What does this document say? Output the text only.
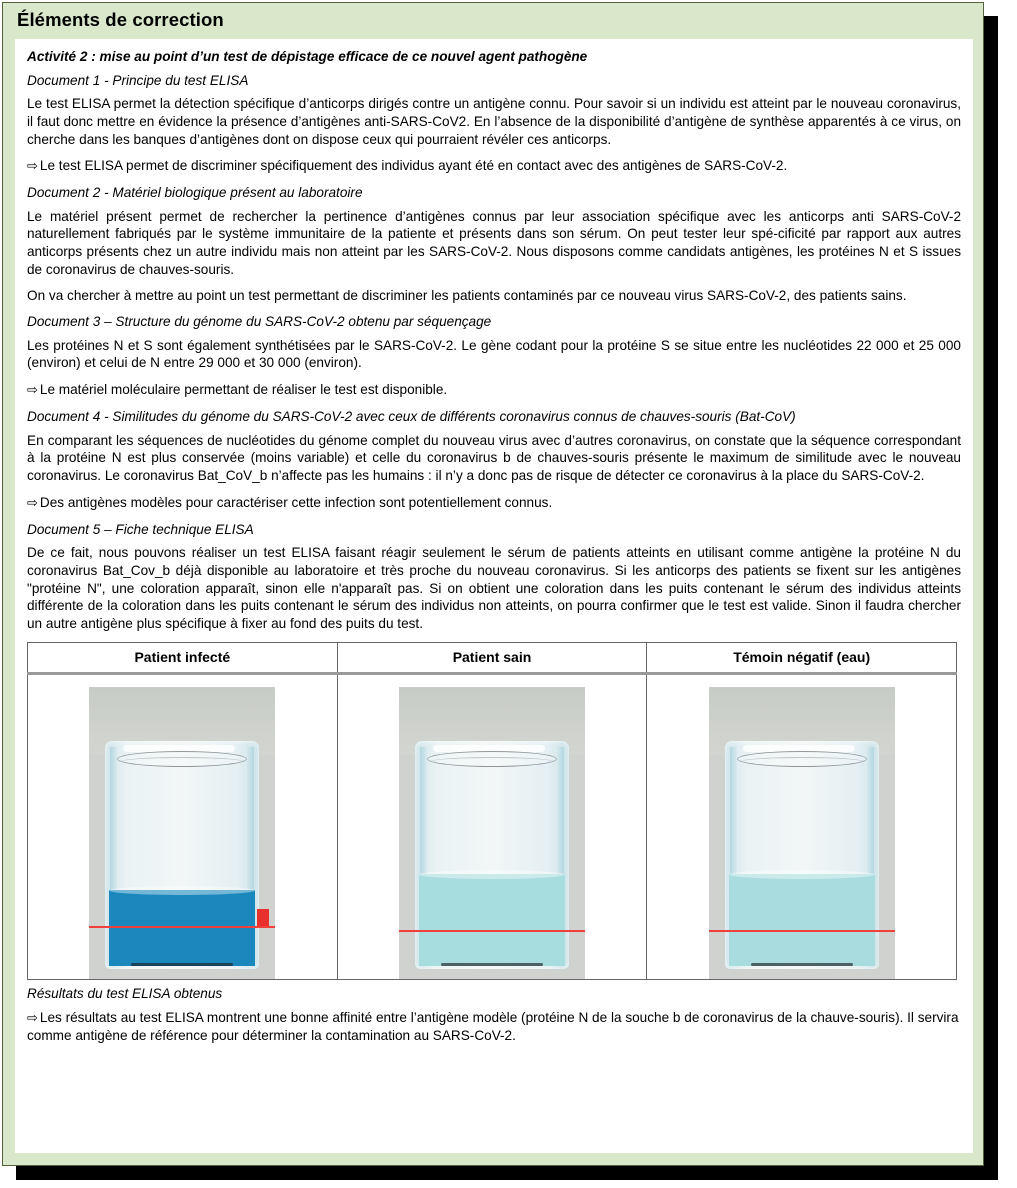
Éléments de correction
Activité 2 : mise au point d’un test de dépistage efficace de ce nouvel agent pathogène
Document 1 - Principe du test ELISA
Le test ELISA permet la détection spécifique d’anticorps dirigés contre un antigène connu. Pour savoir si un individu est atteint par le nouveau coronavirus, il faut donc mettre en évidence la présence d’antigènes anti-SARS-CoV2. En l’absence de la disponibilité d’antigène de synthèse apparentés à ce virus, on cherche dans les banques d’antigènes dont on dispose ceux qui pourraient révéler ces anticorps.
⇨ Le test ELISA permet de discriminer spécifiquement des individus ayant été en contact avec des antigènes de SARS-CoV-2.
Document 2 - Matériel biologique présent au laboratoire
Le matériel présent permet de rechercher la pertinence d’antigènes connus par leur association spécifique avec les anticorps anti SARS-CoV-2 naturellement fabriqués par le système immunitaire de la patiente et présents dans son sérum. On peut tester leur spé-cificité par rapport aux autres anticorps présents chez un autre individu mais non atteint par les SARS-CoV-2. Nous disposons comme candidats antigènes, les protéines N et S issues de coronavirus de chauves-souris.
On va chercher à mettre au point un test permettant de discriminer les patients contaminés par ce nouveau virus SARS-CoV-2, des patients sains.
Document 3 – Structure du génome du SARS-CoV-2 obtenu par séquençage
Les protéines N et S sont également synthétisées par le SARS-CoV-2. Le gène codant pour la protéine S se situe entre les nucléotides 22 000 et 25 000 (environ) et celui de N entre 29 000 et 30 000 (environ).
⇨ Le matériel moléculaire permettant de réaliser le test est disponible.
Document 4 - Similitudes du génome du SARS-CoV-2 avec ceux de différents coronavirus connus de chauves-souris (Bat-CoV)
En comparant les séquences de nucléotides du génome complet du nouveau virus avec d’autres coronavirus, on constate que la séquence correspondant à la protéine N est plus conservée (moins variable) et celle du coronavirus b de chauves-souris présente le maximum de similitude avec le nouveau coronavirus. Le coronavirus Bat_CoV_b n’affecte pas les humains : il n’y a donc pas de risque de détecter ce coronavirus à la place du SARS-CoV-2.
⇨ Des antigènes modèles pour caractériser cette infection sont potentiellement connus.
Document 5 – Fiche technique ELISA
De ce fait, nous pouvons réaliser un test ELISA faisant réagir seulement le sérum de patients atteints en utilisant comme antigène la protéine N du coronavirus Bat_Cov_b déjà disponible au laboratoire et très proche du nouveau coronavirus. Si les anticorps des patients se fixent sur les antigènes "protéine N", une coloration apparaît, sinon elle n'apparaît pas. Si on obtient une coloration dans les puits contenant le sérum des individus atteints différente de la coloration dans les puits contenant le sérum des individus non atteints, on pourra confirmer que le test est valide. Sinon il faudra chercher un autre antigène plus spécifique à fixer au fond des puits du test.
Patient infecté	Patient sain	Témoin négatif (eau)

Résultats du test ELISA obtenus
⇨ Les résultats au test ELISA montrent une bonne affinité entre l’antigène modèle (protéine N de la souche b de coronavirus de la chauve-souris). Il servira comme antigène de référence pour déterminer la contamination au SARS-CoV-2.
